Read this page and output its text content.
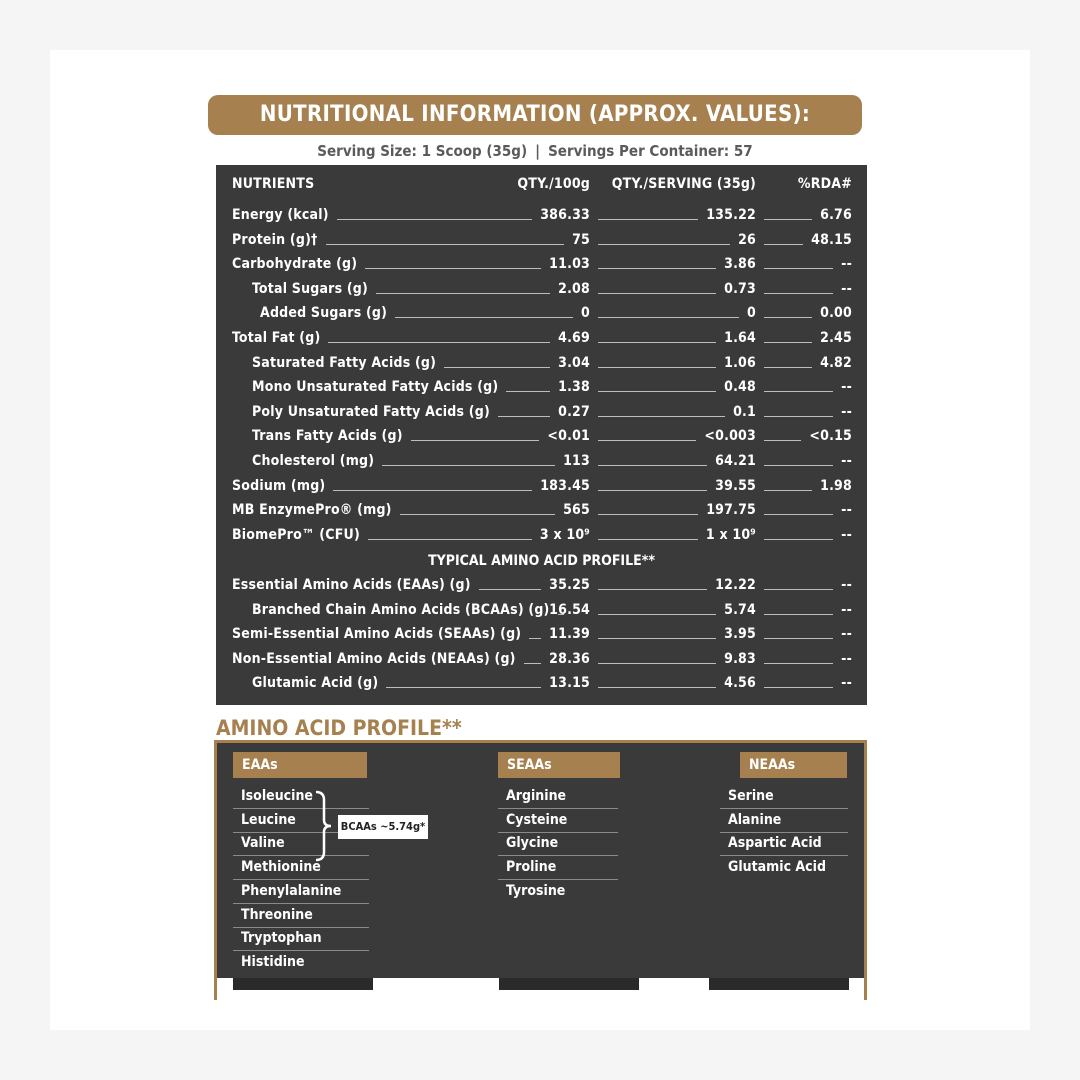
NUTRITIONAL INFORMATION (APPROX. VALUES):
Serving Size: 1 Scoop (35g) | Servings Per Container: 57
NUTRIENTS	QTY./100g QTY./SERVING (35g)	%RDA#
Energy (kcal)	386.33	135.22	6.76
Protein (g)†	75	26	48.15
Carbohydrate (g)	11.03	3.86	--
Total Sugars (g)	2.08	0.73	--
Added Sugars (g)	0	0	0.00
Total Fat (g)	4.69	1.64	2.45
Saturated Fatty Acids (g)	3.04	1.06	4.82
Mono Unsaturated Fatty Acids (g)	1.38	0.48	--
Poly Unsaturated Fatty Acids (g)	0.27	0.1	--
Trans Fatty Acids (g)	<0.01	<0.003	<0.15
Cholesterol (mg)	113	64.21	--
Sodium (mg)	183.45	39.55	1.98
MB EnzymePro® (mg)	565	197.75	--
BiomePro™ (CFU)	3 x 10⁹	1 x 10⁹	--
TYPICAL AMINO ACID PROFILE**
Essential Amino Acids (EAAs) (g)	35.25	12.22	--
Branched Chain Amino Acids (BCAAs) (g) 16.54	5.74	--
Semi-Essential Amino Acids (SEAAs) (g) 11.39	3.95	--
Non-Essential Amino Acids (NEAAs) (g) 28.36	9.83	--
Glutamic Acid (g)	13.15	4.56	--
AMINO ACID PROFILE**
EAAs	SEAAs	NEAAs
Isoleucine
Leucine
Valine
Methionine
Phenylalanine
Threonine
Tryptophan
Histidine
Arginine
Cysteine
Glycine
Proline
Tyrosine
Serine
Alanine
Aspartic Acid
Glutamic Acid
BCAAs ~5.74g*
